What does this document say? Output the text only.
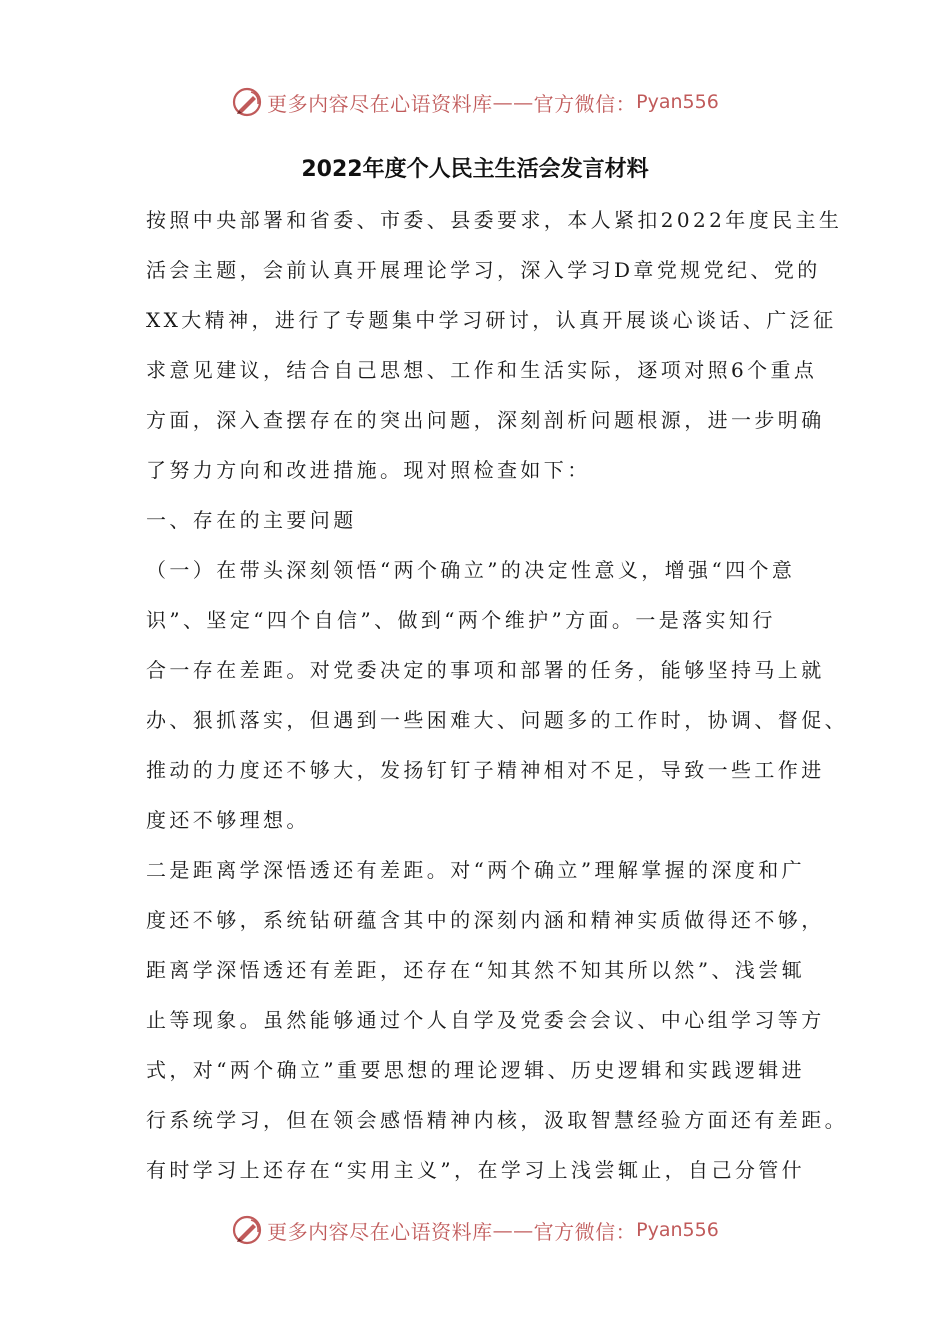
更多内容尽在心语资料库 —— 官方微信： Pyan556
2022年度个人民主生活会发言材料
按照中央部署和省委、市委、县委要求，本人紧扣2022年度民主生
活会主题，会前认真开展理论学习，深入学习D章党规党纪、党的
XX大精神，进行了专题集中学习研讨，认真开展谈心谈话、广泛征
求意见建议，结合自己思想、工作和生活实际，逐项对照6个重点
方面，深入查摆存在的突出问题，深刻剖析问题根源，进一步明确
了努力方向和改进措施。现对照检查如下：
一、存在的主要问题
（一）在带头深刻领悟“两个确立”的决定性意义，增强“四个意
识”、坚定“四个自信”、做到“两个维护”方面。一是落实知行
合一存在差距。对党委决定的事项和部署的任务，能够坚持马上就
办、狠抓落实，但遇到一些困难大、问题多的工作时，协调、督促、
推动的力度还不够大，发扬钉钉子精神相对不足，导致一些工作进
度还不够理想。
二是距离学深悟透还有差距。对“两个确立”理解掌握的深度和广
度还不够，系统钻研蕴含其中的深刻内涵和精神实质做得还不够，
距离学深悟透还有差距，还存在“知其然不知其所以然”、浅尝辄
止等现象。虽然能够通过个人自学及党委会会议、中心组学习等方
式，对“两个确立”重要思想的理论逻辑、历史逻辑和实践逻辑进
行系统学习，但在领会感悟精神内核，汲取智慧经验方面还有差距。
有时学习上还存在“实用主义”，在学习上浅尝辄止，自己分管什
更多内容尽在心语资料库 —— 官方微信： Pyan556
